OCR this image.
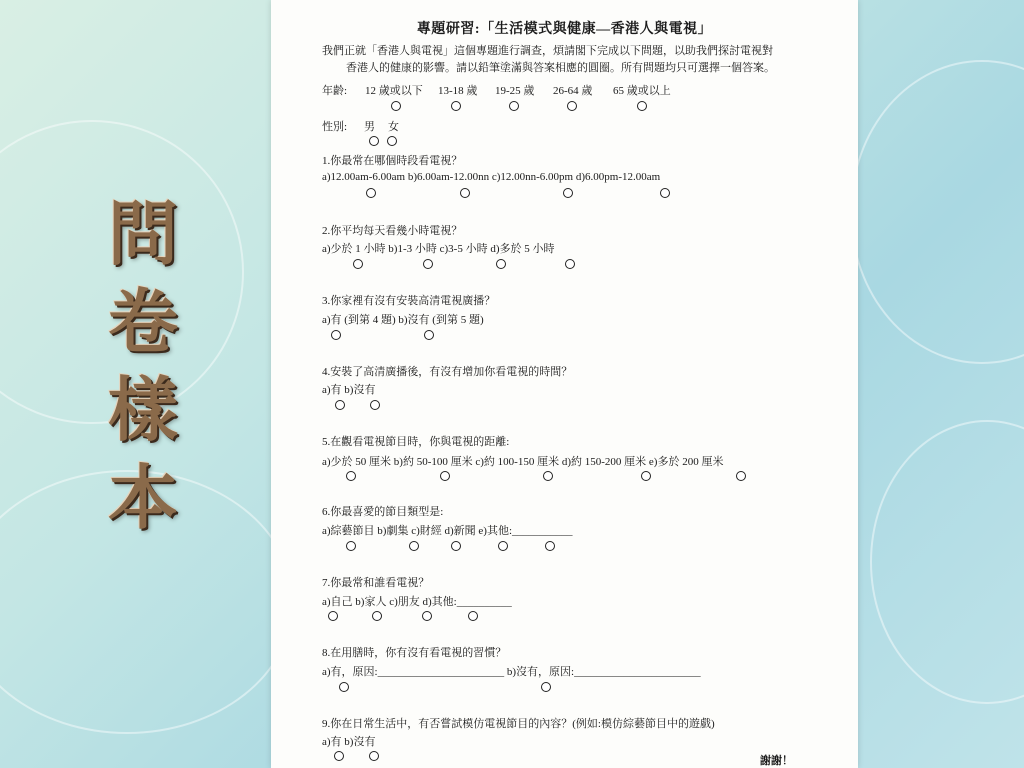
問
卷
樣
本
專題研習:「生活模式與健康—香港人與電視」
我們正就「香港人與電視」這個專題進行調查，煩請閣下完成以下問題，以助我們探討電視對
香港人的健康的影響。請以鉛筆塗滿與答案相應的圓圈。所有問題均只可選擇一個答案。
年齡: 12 歲或以下 13-18 歲 19-25 歲 26-64 歲 65 歲或以上
性別: 男 女
1.你最常在哪個時段看電視？
a)12.00am-6.00am b)6.00am-12.00nn c)12.00nn-6.00pm d)6.00pm-12.00am
2.你平均每天看幾小時電視？
a)少於 1 小時 b)1-3 小時 c)3-5 小時 d)多於 5 小時
3.你家裡有沒有安裝高清電視廣播？
a)有 (到第 4 題) b)沒有 (到第 5 題)
4.安裝了高清廣播後，有沒有增加你看電視的時間？
a)有 b)沒有
5.在觀看電視節目時，你與電視的距離:
a)少於 50 厘米 b)約 50-100 厘米 c)約 100-150 厘米 d)約 150-200 厘米 e)多於 200 厘米
6.你最喜愛的節目類型是:
a)綜藝節目 b)劇集 c)財經 d)新聞 e)其他:___________
7.你最常和誰看電視？
a)自己 b)家人 c)朋友 d)其他:__________
8.在用膳時，你有沒有看電視的習慣？
a)有，原因:_______________________ b)沒有，原因:_______________________
9.你在日常生活中，有否嘗試模仿電視節目的內容？(例如:模仿綜藝節目中的遊戲)
a)有 b)沒有
謝謝！
